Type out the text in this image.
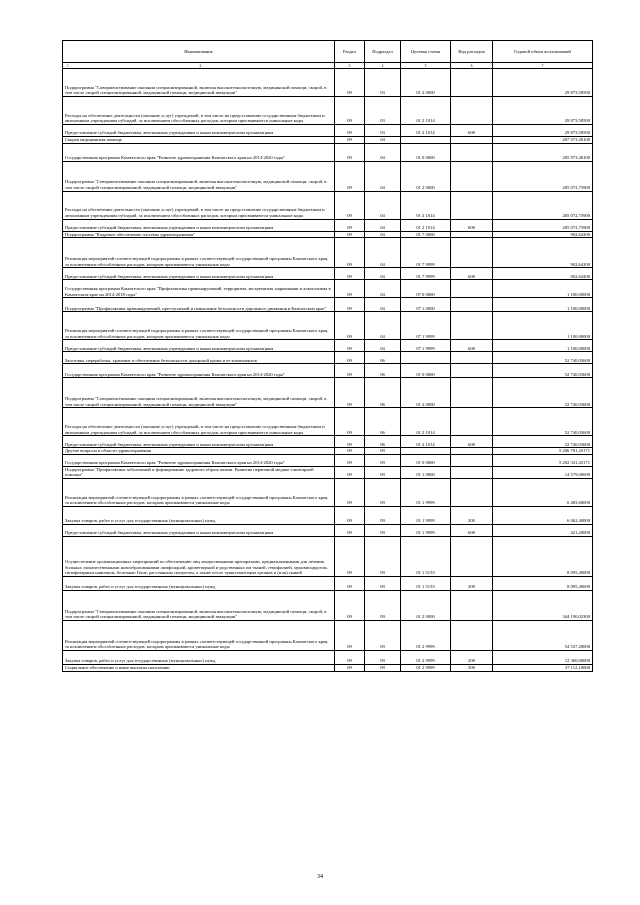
Наименование	Раздел	Подраздел	Целевая статья	Вид расходов	Годовой объем ассигнований

1 2	3	4	5	6	7
Подпрограмма "Совершенствование оказания специализированной, включая высокотехнологичную, медицинской помощи, скорой, в том числе скорой специализированной, медицинской помощи, медицинской эвакуации"	09	03	01 2 0000		29 873,58500
Расходы на обеспечение деятельности (оказание услуг) учреждений, в том числе на предоставление государственным бюджетным и автономным учреждениям субсидий, за исключением обособленных расходов, которым присваиваются уникальные коды	09	03	01 2 1014		29 873,58500
Предоставление субсидий бюджетным, автономным учреждениям и иным некоммерческим организациям	09	03	01 2 1014	600	29 873,58500
Скорая медицинская помощь	09	04			207 073,40100
Государственная программа Камчатского края "Развитие здравоохранения Камчатского края на 2014-2020 годы"	09	04	01 0 0000		205 973,40100
Подпрограмма "Совершенствование оказания специализированной, включая высокотехнологичную, медицинской помощи, скорой, в том числе скорой специализированной, медицинской помощи, медицинской эвакуации"	09	04	01 2 0000		205 072,75900
Расходы на обеспечение деятельности (оказание услуг) учреждений, в том числе на предоставление государственным бюджетным и автономным учреждениям субсидий, за исключением обособленных расходов, которым присваиваются уникальные коды	09	04	01 2 1014		205 072,75900
Предоставление субсидий бюджетным, автономным учреждениям и иным некоммерческим организациям	09	04	01 2 1014	600	205 072,75900
Подпрограмма "Кадровое обеспечение системы здравоохранения"	09	04	01 7 0000		902,64200
Реализация мероприятий соответствующей подпрограммы в рамках соответствующей государственной программы Камчатского края, за исключением обособленных расходов, которым присваиваются уникальные коды	09	04	01 7 9999		902,64200
Предоставление субсидий бюджетным, автономным учреждениям и иным некоммерческим организациям	09	04	01 7 9999	600	902,64200
Государственная программа Камчатского края "Профилактика правонарушений, терроризма, экстремизма, наркомании и алкоголизма в Камчатском крае на 2014-2018 годы"	09	04	07 0 0000		1 100,00000
Подпрограмма "Профилактика правонарушений, преступлений и повышение безопасности дорожного движения в Камчатском крае"	09	04	07 1 0000		1 100,00000
Реализация мероприятий соответствующей подпрограммы в рамках соответствующей государственной программы Камчатского края, за исключением обособленных расходов, которым присваиваются уникальные коды	09	04	07 1 9999		1 100,00000
Предоставление субсидий бюджетным, автономным учреждениям и иным некоммерческим организациям	09	04	07 1 9999	600	1 100,00000
Заготовка, переработка, хранение и обеспечение безопасности донорской крови и ее компонентов	09	06			52 740,03600
Государственная программа Камчатского края "Развитие здравоохранения Камчатского края на 2014-2020 годы"	09	06	01 0 0000		52 740,03600
Подпрограмма "Совершенствование оказания специализированной, включая высокотехнологичную, медицинской помощи, скорой, в том числе скорой специализированной, медицинской помощи, медицинской эвакуации"	09	06	01 2 0000		52 740,03600
Расходы на обеспечение деятельности (оказание услуг) учреждений, в том числе на предоставление государственным бюджетным и автономным учреждениям субсидий, за исключением обособленных расходов, которым присваиваются уникальные коды	09	06	01 2 1014		52 740,03600
Предоставление субсидий бюджетным, автономным учреждениям и иным некоммерческим организациям	09	06	01 2 1014	600	52 740,03600
Другие вопросы в области здравоохранения	09	09			5 206 781,43171
Государственная программа Камчатского края "Развитие здравоохранения Камчатского края на 2014-2020 годы"	09	09	01 0 0000		5 202 341,43171
Подпрограмма "Профилактика заболеваний и формирование здорового образа жизни. Развитие первичной медико-санитарной помощи"	09	09	01 1 0000		14 579,00000
Реализация мероприятий соответствующей подпрограммы в рамках соответствующей государственной программы Камчатского края, за исключением обособленных расходов, которым присваиваются уникальные коды	09	09	01 1 9999		6 483,60000
Закупка товаров, работ и услуг для государственных (муниципальных) нужд	09	09	01 1 9999	200	6 062,40000
Предоставление субсидий бюджетным, автономным учреждениям и иным некоммерческим организациям	09	09	01 1 9999	600	421,20000
Осуществление организационных мероприятий по обеспечению лиц лекарственными препаратами, предназначенными для лечения больных злокачественными новообразованиями лимфоидной, кроветворной и родственных им тканей, гемофилией, муковисцидозом, гипофизарным нанизмом, болезнью Гоше, рассеянным склерозом, а также после трансплантации органов и (или) тканей	09	09	01 1 5133		8 095,40000
Закупка товаров, работ и услуг для государственных (муниципальных) нужд	09	09	01 1 5133	200	8 095,40000
Подпрограмма "Совершенствование оказания специализированной, включая высокотехнологичную, медицинской помощи, скорой, в том числе скорой специализированной, медицинской помощи, медицинской эвакуации"	09	09	01 2 0000		344 190,02300
Реализация мероприятий соответствующей подпрограммы в рамках соответствующей государственной программы Камчатского края, за исключением обособленных расходов, которым присваиваются уникальные коды	09	09	01 2 9999		54 537,20000
Закупка товаров, работ и услуг для государственных (муниципальных) нужд	09	09	01 2 9999	200	12 360,00000
Социальное обеспечение и иные выплаты населению	09	09	01 2 9999	300	37 112,10000
34
